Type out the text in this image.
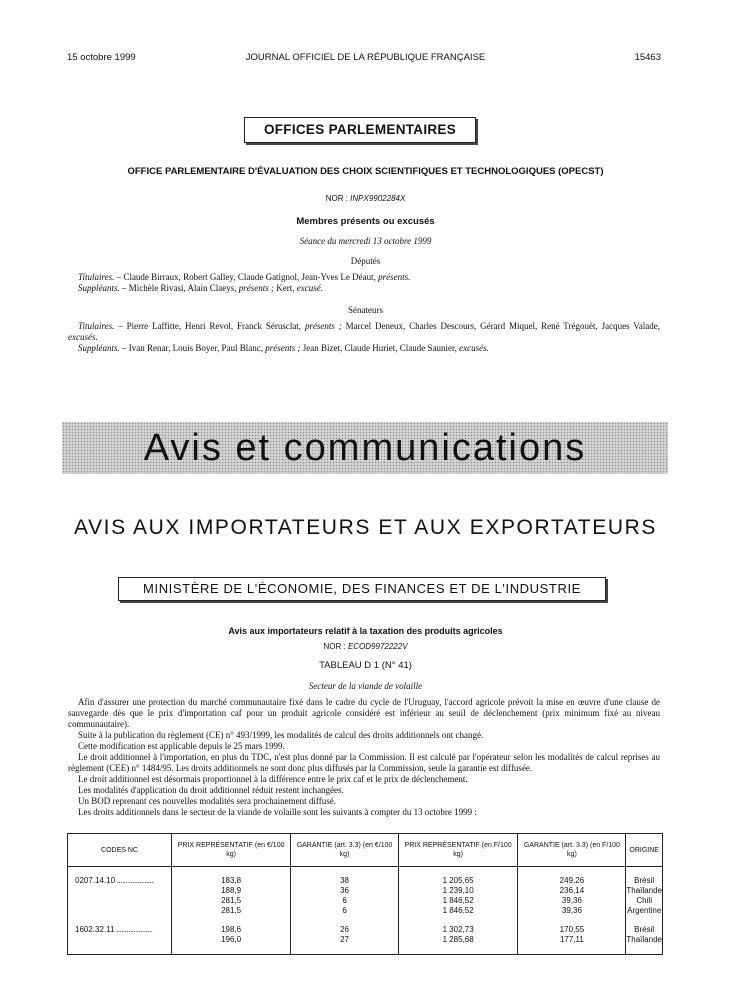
15 octobre 1999	JOURNAL OFFICIEL DE LA RÉPUBLIQUE FRANÇAISE	15463
OFFICES PARLEMENTAIRES
OFFICE PARLEMENTAIRE D'ÉVALUATION DES CHOIX SCIENTIFIQUES ET TECHNOLOGIQUES (OPECST)
NOR : INPX9902284X
Membres présents ou excusés
Séance du mercredi 13 octobre 1999
Députés

Titulaires. – Claude Birraux, Robert Galley, Claude Gatignol, Jean-Yves Le Déaut, présents.

Suppléants. – Michèle Rivasi, Alain Claeys, présents ; Kert, excusé.

Sénateurs

Titulaires. – Pierre Laffitte, Henri Revol, Franck Sérusclat, présents ; Marcel Deneux, Charles Descours, Gérard Miquel, René Trégouët, Jacques Valade, excusés.

Suppléants. – Ivan Renar, Louis Boyer, Paul Blanc, présents ; Jean Bizet, Claude Huriet, Claude Saunier, excusés.

Avis et communications
AVIS AUX IMPORTATEURS ET AUX EXPORTATEURS
MINISTÈRE DE L'ÉCONOMIE, DES FINANCES ET DE L'INDUSTRIE
Avis aux importateurs relatif à la taxation des produits agricoles
NOR : ECOD9972222V
TABLEAU D 1 (N° 41)
Secteur de la viande de volaille

Afin d'assurer une protection du marché communautaire fixé dans le cadre du cycle de l'Uruguay, l'accord agricole prévoit la mise en œuvre d'une clause de sauvegarde dès que le prix d'importation caf pour un produit agricole considéré est inférieur au seuil de déclenchement (prix minimum fixé au niveau communautaire).

Suite à la publication du règlement (CE) n° 493/1999, les modalités de calcul des droits additionnels ont changé.

Cette modification est applicable depuis le 25 mars 1999.

Le droit additionnel à l'importation, en plus du TDC, n'est plus donné par la Commission. Il est calculé par l'opérateur selon les modalités de calcul reprises au règlement (CEE) n° 1484/95. Les droits additionnels ne sont donc plus diffusés par la Commission, seule la garantie est diffusée.

Le droit additionnel est désormais proportionnel à la différence entre le prix caf et le prix de déclenchement.

Les modalités d'application du droit additionnel réduit restent inchangées.

Un BOD reprenant ces nouvelles modalités sera prochainement diffusé.

Les droits additionnels dans le secteur de la viande de volaille sont les suivants à compter du 13 octobre 1999 :

CODES NC	PRIX REPRÉSENTATIF (en €/100 kg)	GARANTIE (art. 3.3) (en €/100 kg)	PRIX REPRÉSENTATIF (en F/100 kg)	GARANTIE (art. 3.3) (en F/100 kg)	ORIGINE

0207.14.10 .....................	183,8	38	1 205,65	249,26	Brésil
	188,9	36	1 239,10	236,14	Thaïlande
	281,5	6	1 846,52	39,36	Chili
	281,5	6	1 846,52	39,36	Argentine

1602.32.11 .....................	198,6	26	1 302,73	170,55	Brésil
	196,0	27	1 285,68	177,11	Thaïlande
